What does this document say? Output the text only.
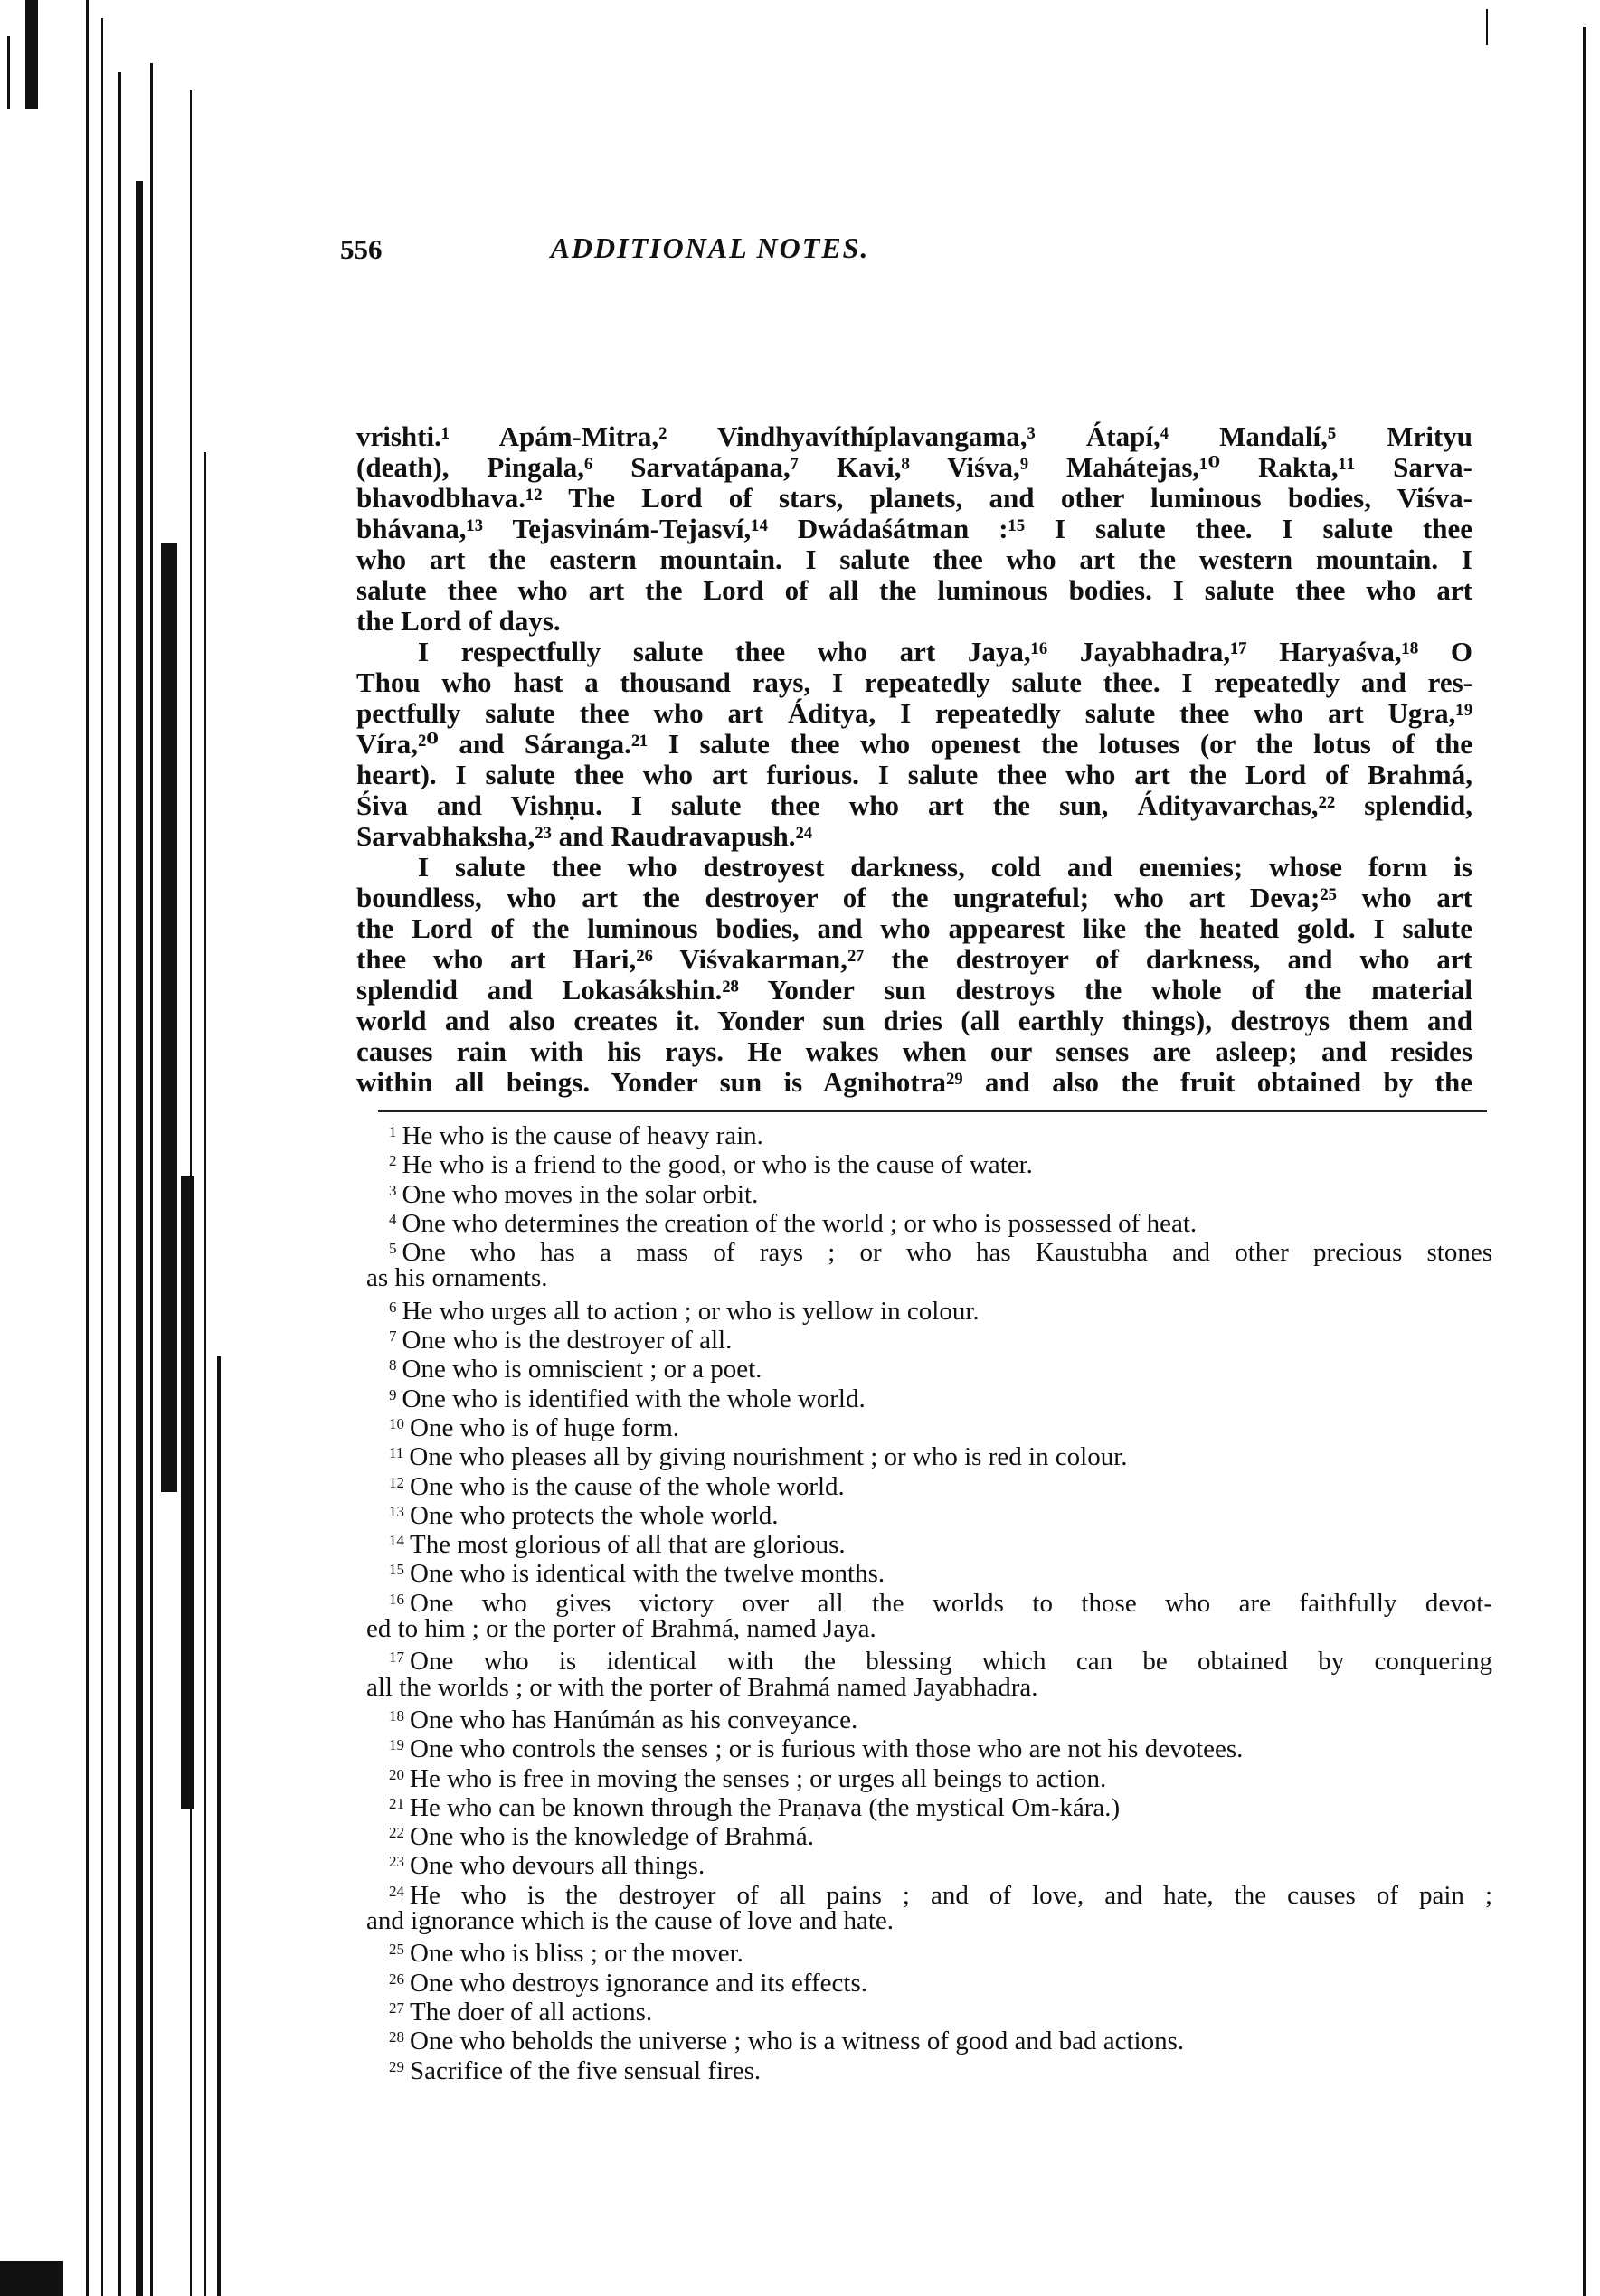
556	ADDITIONAL NOTES.
vrishti.¹ Apám-Mitra,² Vindhyavíthíplavangama,³ Átapí,⁴ Mandalí,⁵ Mrityu
(death), Pingala,⁶ Sarvatápana,⁷ Kavi,⁸ Viśva,⁹ Mahátejas,¹⁰ Rakta,¹¹ Sarva-
bhavodbhava.¹² The Lord of stars, planets, and other luminous bodies, Viśva-
bhávana,¹³ Tejasvinám-Tejasví,¹⁴ Dwádaśátman :¹⁵ I salute thee. I salute thee
who art the eastern mountain. I salute thee who art the western mountain. I
salute thee who art the Lord of all the luminous bodies. I salute thee who art
the Lord of days.
I respectfully salute thee who art Jaya,¹⁶ Jayabhadra,¹⁷ Haryaśva,¹⁸ O
Thou who hast a thousand rays, I repeatedly salute thee. I repeatedly and res-
pectfully salute thee who art Áditya, I repeatedly salute thee who art Ugra,¹⁹
Víra,²⁰ and Sáranga.²¹ I salute thee who openest the lotuses (or the lotus of the
heart). I salute thee who art furious. I salute thee who art the Lord of Brahmá,
Śiva and Vishṇu. I salute thee who art the sun, Ádityavarchas,²² splendid,
Sarvabhaksha,²³ and Raudravapush.²⁴
I salute thee who destroyest darkness, cold and enemies; whose form is
boundless, who art the destroyer of the ungrateful; who art Deva;²⁵ who art
the Lord of the luminous bodies, and who appearest like the heated gold. I salute
thee who art Hari,²⁶ Viśvakarman,²⁷ the destroyer of darkness, and who art
splendid and Lokasákshin.²⁸ Yonder sun destroys the whole of the material
world and also creates it. Yonder sun dries (all earthly things), destroys them and
causes rain with his rays. He wakes when our senses are asleep; and resides
within all beings. Yonder sun is Agnihotra²⁹ and also the fruit obtained by the
$^1$ He who is the cause of heavy rain.
$^2$ He who is a friend to the good, or who is the cause of water.
$^3$ One who moves in the solar orbit.
$^4$ One who determines the creation of the world ; or who is possessed of heat.
$^5$ One who has a mass of rays ; or who has Kaustubha and other precious stones
as his ornaments.
$^6$ He who urges all to action ; or who is yellow in colour.
$^7$ One who is the destroyer of all.
$^8$ One who is omniscient ; or a poet.
$^9$ One who is identified with the whole world.
$^{10}$ One who is of huge form.
$^{11}$ One who pleases all by giving nourishment ; or who is red in colour.
$^{12}$ One who is the cause of the whole world.
$^{13}$ One who protects the whole world.
$^{14}$ The most glorious of all that are glorious.
$^{15}$ One who is identical with the twelve months.
$^{16}$ One who gives victory over all the worlds to those who are faithfully devot-
ed to him ; or the porter of Brahmá, named Jaya.
$^{17}$ One who is identical with the blessing which can be obtained by conquering
all the worlds ; or with the porter of Brahmá named Jayabhadra.
$^{18}$ One who has Hanúmán as his conveyance.
$^{19}$ One who controls the senses ; or is furious with those who are not his devotees.
$^{20}$ He who is free in moving the senses ; or urges all beings to action.
$^{21}$ He who can be known through the Praṇava (the mystical Om-kára.)
$^{22}$ One who is the knowledge of Brahmá.
$^{23}$ One who devours all things.
$^{24}$ He who is the destroyer of all pains ; and of love, and hate, the causes of pain ;
and ignorance which is the cause of love and hate.
$^{25}$ One who is bliss ; or the mover.
$^{26}$ One who destroys ignorance and its effects.
$^{27}$ The doer of all actions.
$^{28}$ One who beholds the universe ; who is a witness of good and bad actions.
$^{29}$ Sacrifice of the five sensual fires.
